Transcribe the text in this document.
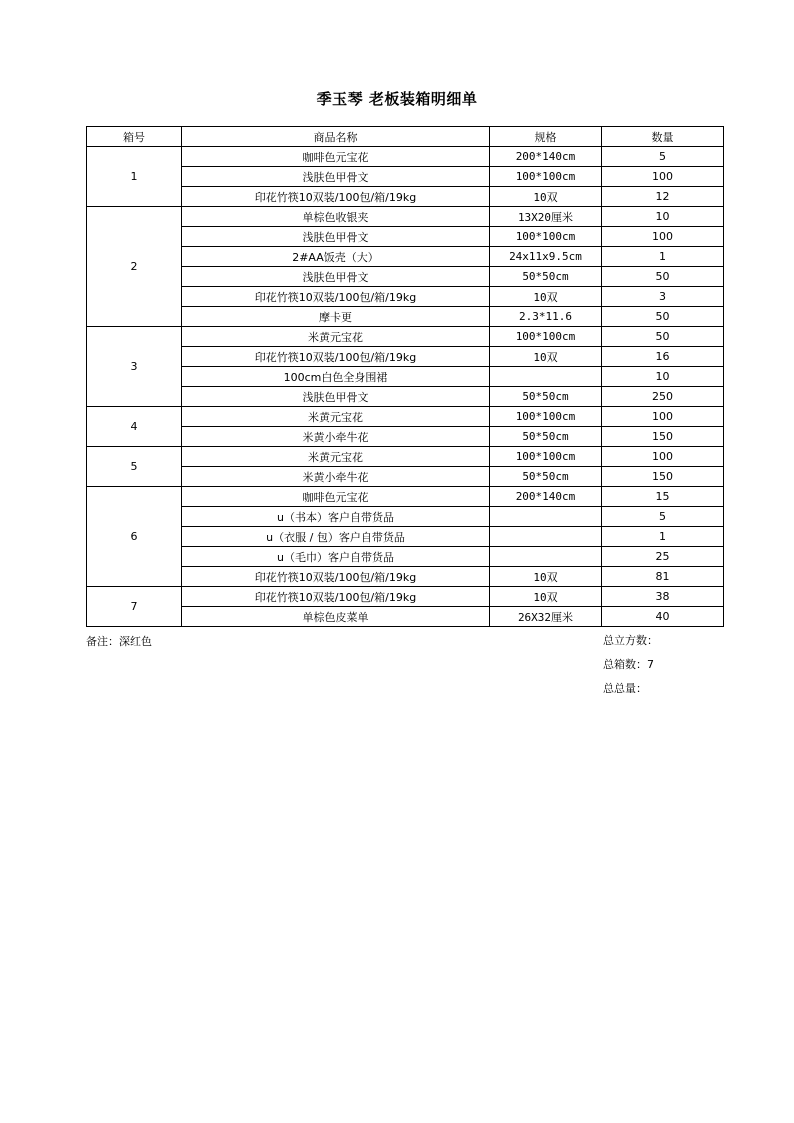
季玉琴 老板装箱明细单
箱号	商品名称	规格	数量
1	咖啡色元宝花	200*140cm	5
	浅肤色甲骨文	100*100cm	100
	印花竹筷10双装/100包/箱/19kg	10双	12
2	单棕色收银夹	13X20厘米	10
	浅肤色甲骨文	100*100cm	100
	2#AA饭壳（大）	24x11x9.5cm	1
	浅肤色甲骨文	50*50cm	50
	印花竹筷10双装/100包/箱/19kg	10双	3
	摩卡更	2.3*11.6	50
3	米黄元宝花	100*100cm	50
	印花竹筷10双装/100包/箱/19kg	10双	16
	100cm白色全身围裙		10
	浅肤色甲骨文	50*50cm	250
4	米黄元宝花	100*100cm	100
	米黄小牵牛花	50*50cm	150
5	米黄元宝花	100*100cm	100
	米黄小牵牛花	50*50cm	150
6	咖啡色元宝花	200*140cm	15
	u（书本）客户自带货品		5
	u（衣服 / 包）客户自带货品		1
	u（毛巾）客户自带货品		25
	印花竹筷10双装/100包/箱/19kg	10双	81
7	印花竹筷10双装/100包/箱/19kg	10双	38
	单棕色皮菜单	26X32厘米	40
备注：深红色	总立方数：
总箱数：7
总总量：
